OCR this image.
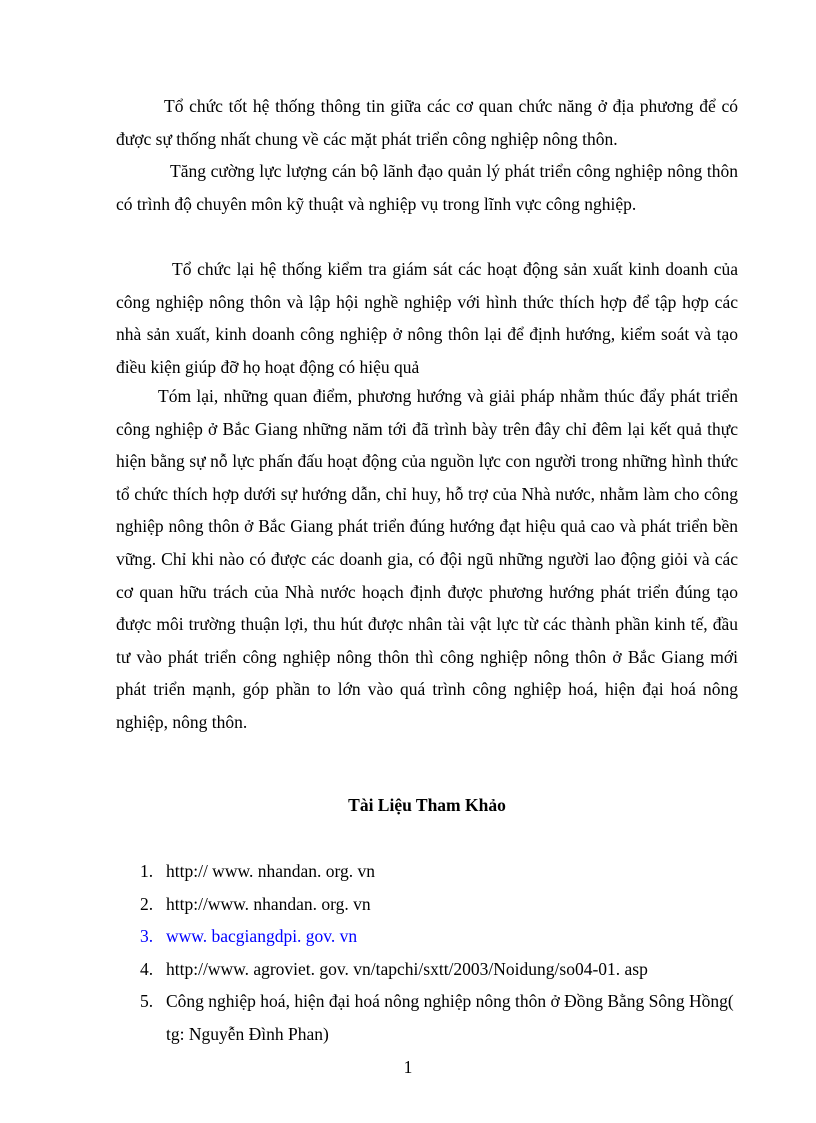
Tổ chức tốt hệ thống thông tin giữa các cơ quan chức năng ở địa phương để có được sự thống nhất chung về các mặt phát triển công nghiệp nông thôn.

Tăng cường lực lượng cán bộ lãnh đạo quản lý phát triển công nghiệp nông thôn có trình độ chuyên môn kỹ thuật và nghiệp vụ trong lĩnh vực công nghiệp.

Tổ chức lại hệ thống kiểm tra giám sát các hoạt động sản xuất kinh doanh của công nghiệp nông thôn và lập hội nghề nghiệp với hình thức thích hợp để tập hợp các nhà sản xuất, kinh doanh công nghiệp ở nông thôn lại để định hướng, kiểm soát và tạo điều kiện giúp đỡ họ hoạt động có hiệu quả

Tóm lại, những quan điểm, phương hướng và giải pháp nhằm thúc đẩy phát triển công nghiệp ở Bắc Giang những năm tới đã trình bày trên đây chỉ đêm lại kết quả thực hiện bằng sự nỗ lực phấn đấu hoạt động của nguồn lực con người trong những hình thức tổ chức thích hợp dưới sự hướng dẫn, chỉ huy, hỗ trợ của Nhà nước, nhằm làm cho công nghiệp nông thôn ở Bắc Giang phát triển đúng hướng đạt hiệu quả cao và phát triển bền vững. Chỉ khi nào có được các doanh gia, có đội ngũ những người lao động giỏi và các cơ quan hữu trách của Nhà nước hoạch định được phương hướng phát triển đúng tạo được môi trường thuận lợi, thu hút được nhân tài vật lực từ các thành phần kinh tế, đầu tư vào phát triển công nghiệp nông thôn thì công nghiệp nông thôn ở Bắc Giang mới phát triển mạnh, góp phần to lớn vào quá trình công nghiệp hoá, hiện đại hoá nông nghiệp, nông thôn.

Tài Liệu Tham Khảo
1. http:// www. nhandan. org. vn
2. http://www. nhandan. org. vn
3. www. bacgiangdpi. gov. vn
4. http://www. agroviet. gov. vn/tapchi/sxtt/2003/Noidung/so04-01. asp
5. Công nghiệp hoá, hiện đại hoá nông nghiệp nông thôn ở Đồng Bằng Sông Hồng( tg: Nguyễn Đình Phan)
1
